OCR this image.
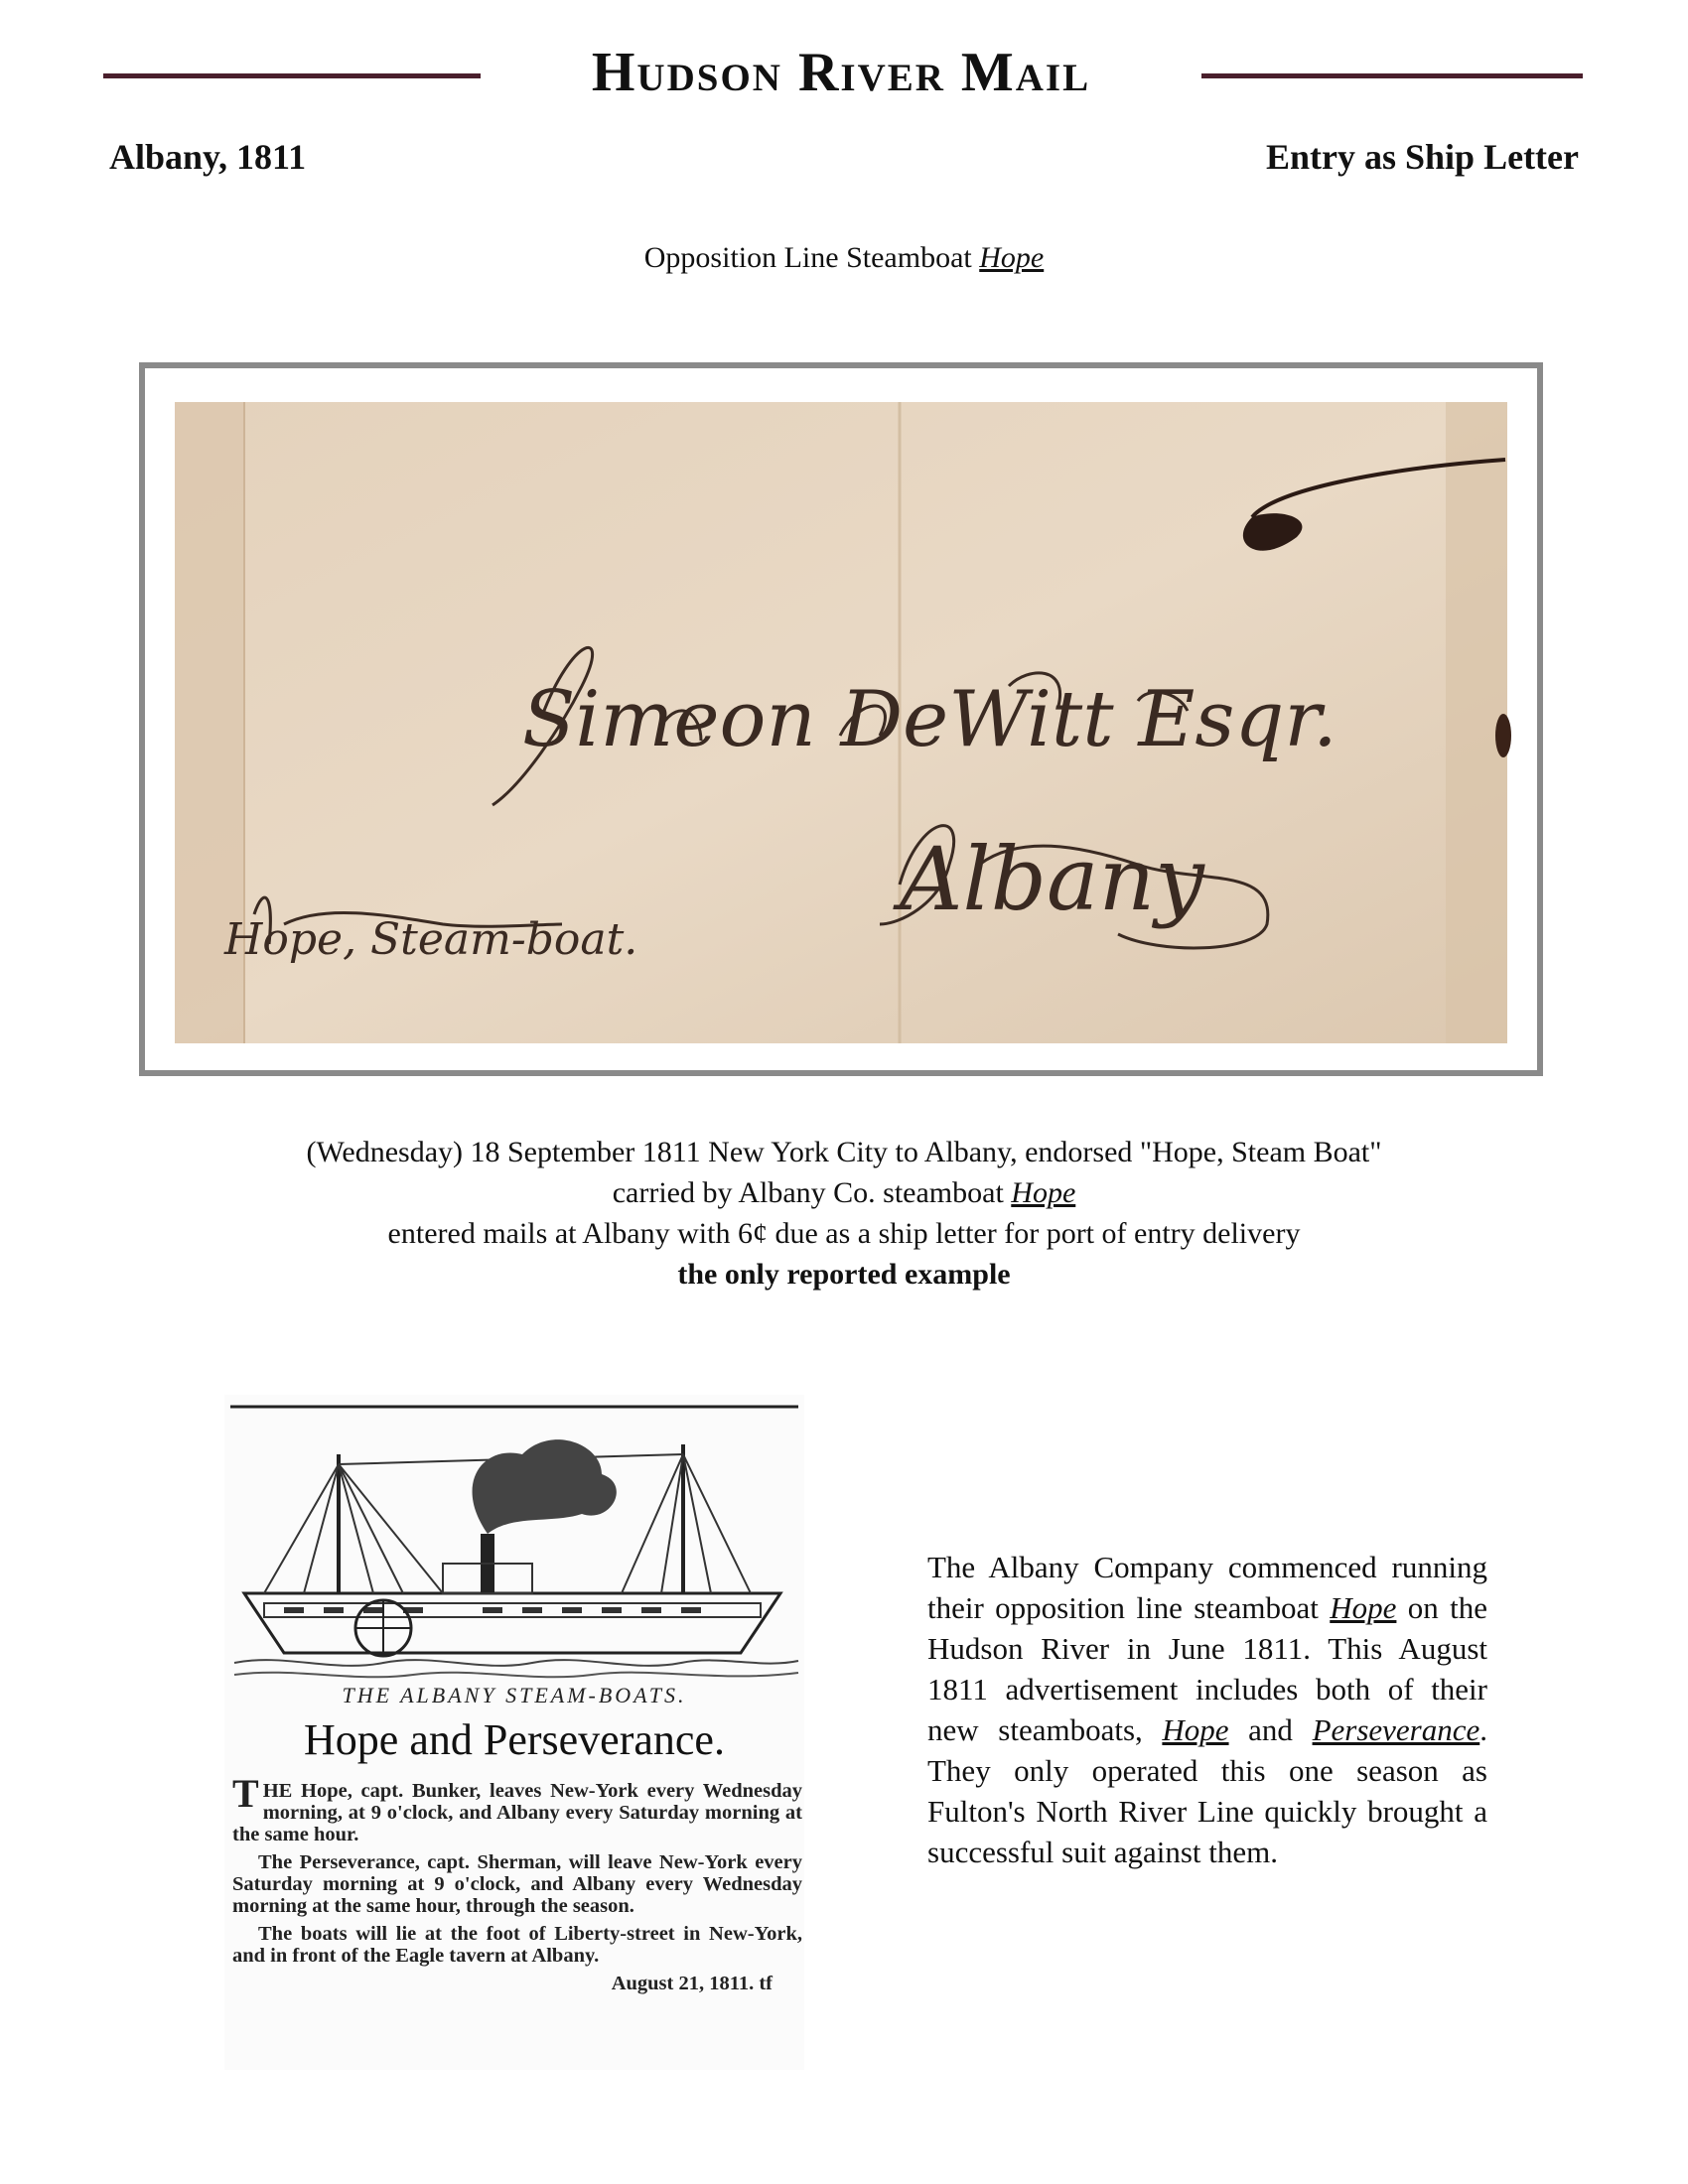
Hudson River Mail
Albany, 1811	Entry as Ship Letter
Opposition Line Steamboat Hope
Simeon DeWitt Esqr.
Albany
Hope, Steam-boat.
(Wednesday) 18 September 1811 New York City to Albany, endorsed "Hope, Steam Boat"
carried by Albany Co. steamboat Hope
entered mails at Albany with 6¢ due as a ship letter for port of entry delivery
the only reported example
THE ALBANY STEAM-BOATS.
Hope and Perseverance.

THE Hope, capt. Bunker, leaves New-York every Wednesday morning, at 9 o'clock, and Albany every Saturday morning at the same hour.

The Perseverance, capt. Sherman, will leave New-York every Saturday morning at 9 o'clock, and Albany every Wednesday morning at the same hour, through the season.

The boats will lie at the foot of Liberty-street in New-York, and in front of the Eagle tavern at Albany.

August 21, 1811. tf
The Albany Company commenced running their opposition line steamboat Hope on the Hudson River in June 1811. This August 1811 advertisement includes both of their new steamboats, Hope and Perseverance. They only operated this one season as Fulton's North River Line quickly brought a successful suit against them.
